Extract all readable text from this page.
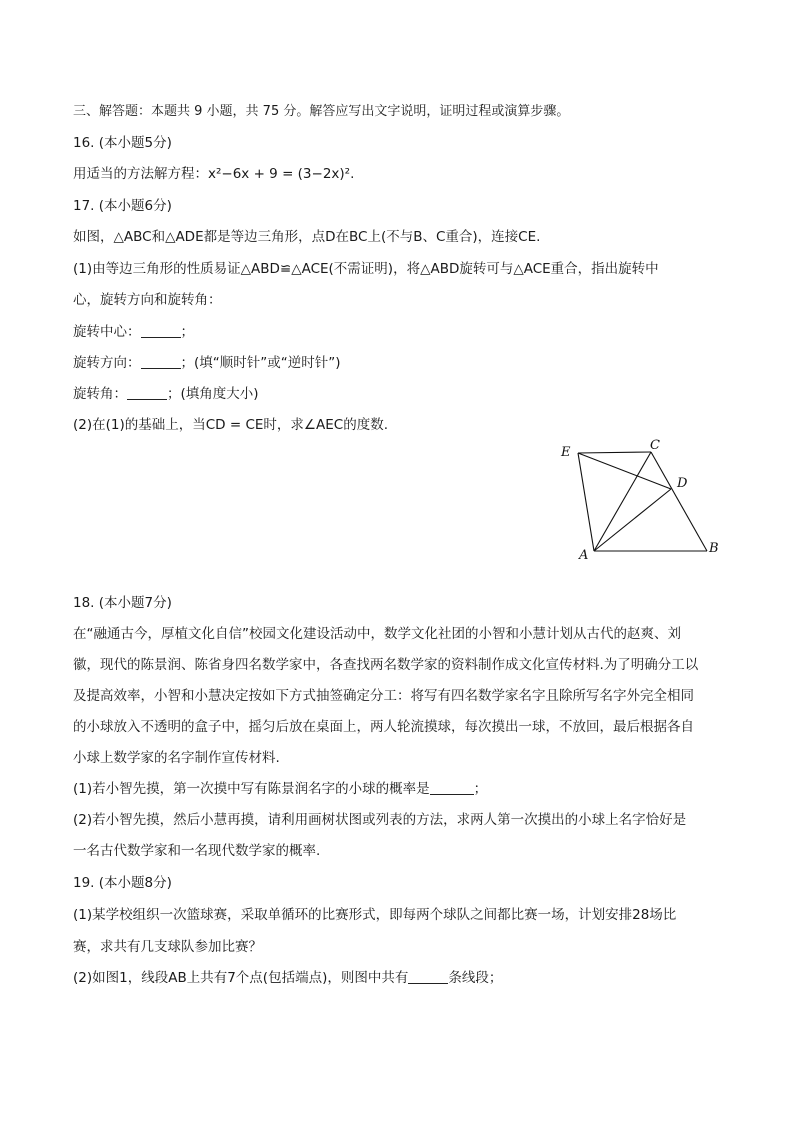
三、解答题：本题共 9 小题，共 75 分。解答应写出文字说明，证明过程或演算步骤。
16. (本小题5分)
用适当的方法解方程：x²−6x + 9 = (3−2x)².
17. (本小题6分)
如图，△ABC和△ADE都是等边三角形，点D在BC上(不与B、C重合)，连接CE.
(1)由等边三角形的性质易证△ABD≌△ACE(不需证明)，将△ABD旋转可与△ACE重合，指出旋转中
心，旋转方向和旋转角：
旋转中心：	；
旋转方向：	；(填“顺时针”或“逆时针”)
旋转角：	；(填角度大小)
(2)在(1)的基础上，当CD = CE时，求∠AEC的度数.
E	C
D
A	B
18. (本小题7分)
在“融通古今，厚植文化自信”校园文化建设活动中，数学文化社团的小智和小慧计划从古代的赵爽、刘
徽，现代的陈景润、陈省身四名数学家中，各查找两名数学家的资料制作成文化宣传材料.为了明确分工以
及提高效率，小智和小慧决定按如下方式抽签确定分工：将写有四名数学家名字且除所写名字外完全相同
的小球放入不透明的盒子中，摇匀后放在桌面上，两人轮流摸球，每次摸出一球，不放回，最后根据各自
小球上数学家的名字制作宣传材料.
(1)若小智先摸，第一次摸中写有陈景润名字的小球的概率是	；
(2)若小智先摸，然后小慧再摸，请利用画树状图或列表的方法，求两人第一次摸出的小球上名字恰好是
一名古代数学家和一名现代数学家的概率.
19. (本小题8分)
(1)某学校组织一次篮球赛，采取单循环的比赛形式，即每两个球队之间都比赛一场，计划安排28场比
赛，求共有几支球队参加比赛？
(2)如图1，线段AB上共有7个点(包括端点)，则图中共有	条线段；
